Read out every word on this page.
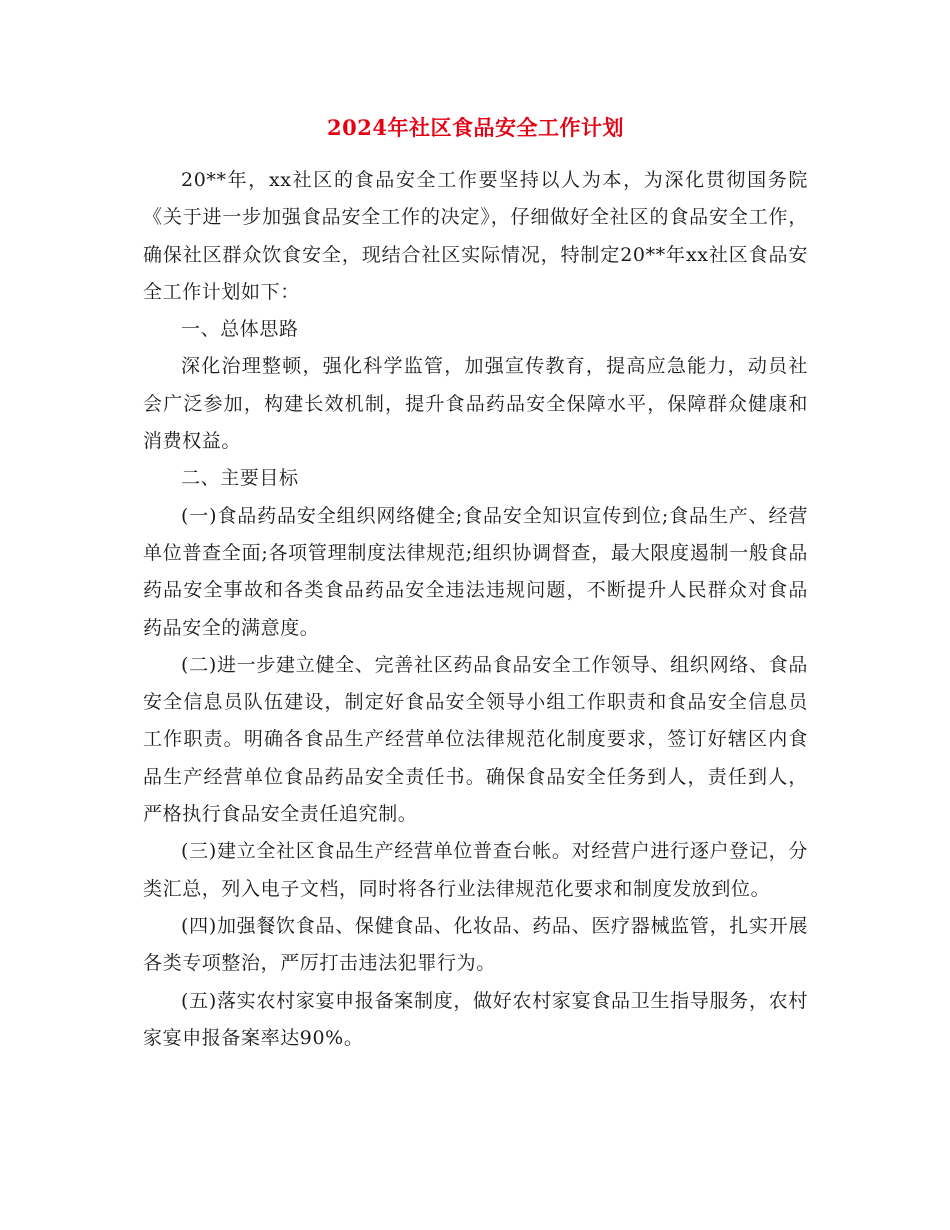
2024年社区食品安全工作计划

20**年，xx社区的食品安全工作要坚持以人为本，为深化贯彻国务院《关于进一步加强食品安全工作的决定》，仔细做好全社区的食品安全工作，确保社区群众饮食安全，现结合社区实际情况，特制定20**年xx社区食品安全工作计划如下：

一、总体思路

深化治理整顿，强化科学监管，加强宣传教育，提高应急能力，动员社会广泛参加，构建长效机制，提升食品药品安全保障水平，保障群众健康和消费权益。

二、主要目标

(一)食品药品安全组织网络健全;食品安全知识宣传到位;食品生产、经营单位普查全面;各项管理制度法律规范;组织协调督查，最大限度遏制一般食品药品安全事故和各类食品药品安全违法违规问题，不断提升人民群众对食品药品安全的满意度。

(二)进一步建立健全、完善社区药品食品安全工作领导、组织网络、食品安全信息员队伍建设，制定好食品安全领导小组工作职责和食品安全信息员工作职责。明确各食品生产经营单位法律规范化制度要求，签订好辖区内食品生产经营单位食品药品安全责任书。确保食品安全任务到人，责任到人，严格执行食品安全责任追究制。

(三)建立全社区食品生产经营单位普查台帐。对经营户进行逐户登记，分类汇总，列入电子文档，同时将各行业法律规范化要求和制度发放到位。

(四)加强餐饮食品、保健食品、化妆品、药品、医疗器械监管，扎实开展各类专项整治，严厉打击违法犯罪行为。

(五)落实农村家宴申报备案制度，做好农村家宴食品卫生指导服务，农村家宴申报备案率达90%。
